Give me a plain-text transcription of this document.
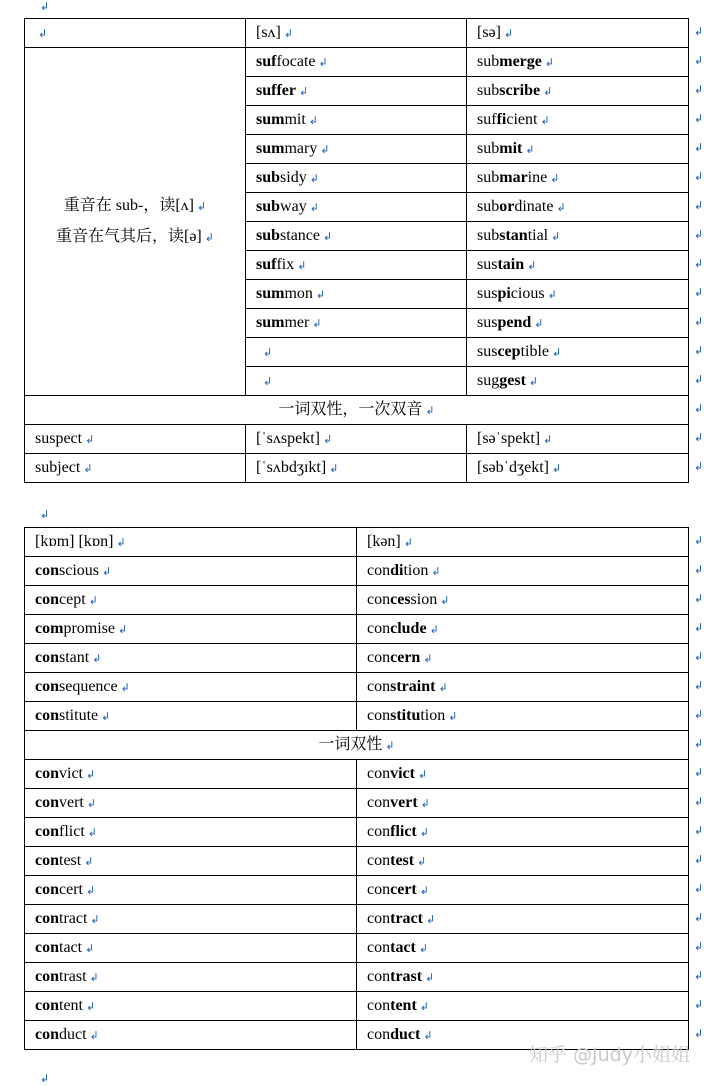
↲
↲	[sʌ] ↲	[sə] ↲

重音在 sub-，读[ʌ] ↲
重音在气其后，读[ə] ↲	suffocate ↲	submerge ↲
	suffer ↲	subscribe ↲
	summit ↲	sufficient ↲
	summary ↲	submit ↲
	subsidy ↲	submarine ↲
	subway ↲	subordinate ↲
	substance ↲	substantial ↲
	suffix ↲	sustain ↲
	summon ↲	suspicious ↲
	summer ↲	suspend ↲
	↲	susceptible ↲
	↲	suggest ↲
一词双性，一次双音 ↲		
suspect ↲	[ˈsʌspekt] ↲	[səˈspekt] ↲
subject ↲	[ˈsʌbdʒɪkt] ↲	[səbˈdʒekt] ↲
↲
[kɒm] [kɒn] ↲	[kən] ↲
conscious ↲	condition ↲
concept ↲	concession ↲
compromise ↲	conclude ↲
constant ↲	concern ↲
consequence ↲	constraint ↲
constitute ↲	constitution ↲
一词双性 ↲	
convict ↲	convict ↲
convert ↲	convert ↲
conflict ↲	conflict ↲
contest ↲	contest ↲
concert ↲	concert ↲
contract ↲	contract ↲
contact ↲	contact ↲
contrast ↲	contrast ↲
content ↲	content ↲
conduct ↲	conduct ↲
↲
知乎 @Judy小姐姐
↲
↲
↲
↲
↲
↲
↲
↲
↲
↲
↲
↲
↲
↲
↲
↲
↲
↲
↲
↲
↲
↲
↲
↲
↲
↲
↲
↲
↲
↲
↲
↲
↲
↲
